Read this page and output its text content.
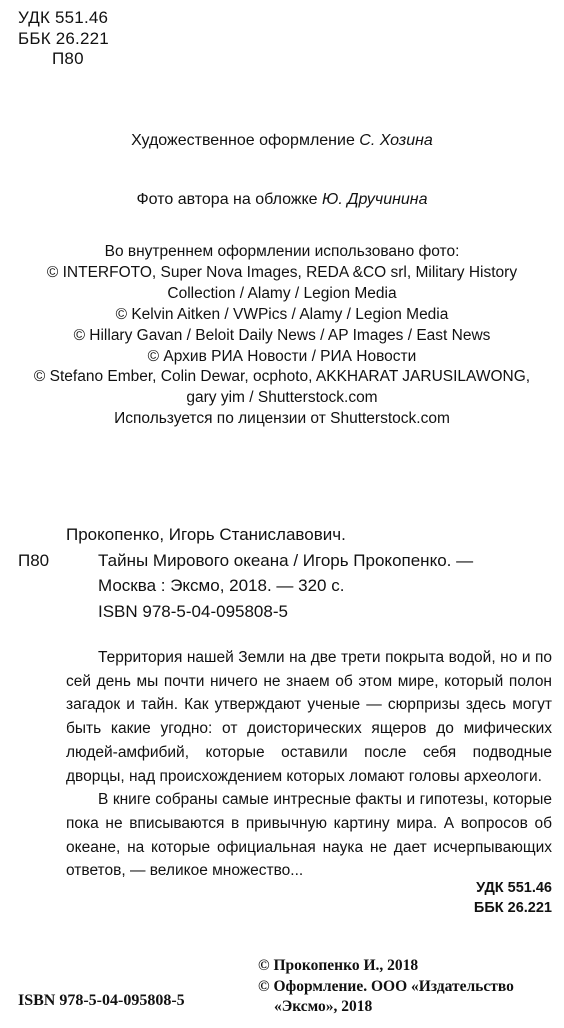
УДК 551.46
ББК 26.221
П80
Художественное оформление С. Хозина
Фото автора на обложке Ю. Дручинина
Во внутреннем оформлении использовано фото:
© INTERFOTO, Super Nova Images, REDA &CO srl, Military History
Collection / Alamy / Legion Media
© Kelvin Aitken / VWPics / Alamy / Legion Media
© Hillary Gavan / Beloit Daily News / AP Images / East News
© Архив РИА Новости / РИА Новости
© Stefano Ember, Colin Dewar, ocphoto, AKKHARAT JARUSILAWONG,
gary yim / Shutterstock.com
Используется по лицензии от Shutterstock.com
Прокопенко, Игорь Станиславович.
П80	Тайны Мирового океана / Игорь Прокопенко. —
Москва : Эксмо, 2018. — 320 с.
ISBN 978-5-04-095808-5

Территория нашей Земли на две трети покрыта водой, но и по сей день мы почти ничего не знаем об этом мире, который полон загадок и тайн. Как утверждают ученые — сюрпризы здесь могут быть какие угодно: от доисторических ящеров до мифических людей-амфибий, которые оставили после себя подводные дворцы, над происхождением которых ломают головы археологи.

В книге собраны самые интресные факты и гипотезы, которые пока не вписываются в привычную картину мира. А вопросов об океане, на которые официальная наука не дает исчерпывающих ответов, — великое множество...

УДК 551.46
ББК 26.221
© Прокопенко И., 2018
© Оформление. ООО «Издательство
«Эксмо», 2018
ISBN 978-5-04-095808-5
